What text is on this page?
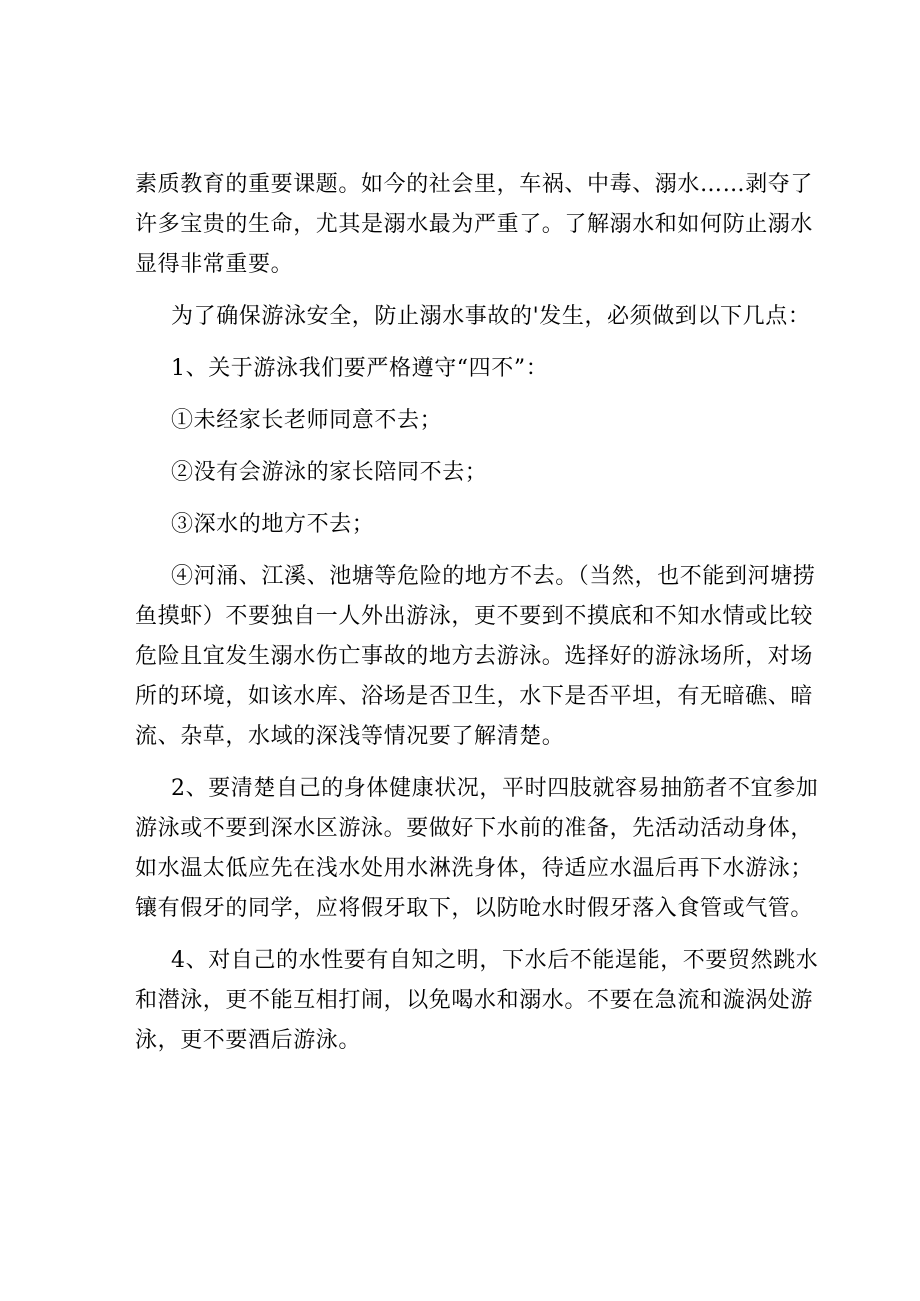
素质教育的重要课题。如今的社会里，车祸、中毒、溺水……剥夺了许多宝贵的生命，尤其是溺水最为严重了。了解溺水和如何防止溺水显得非常重要。

为了确保游泳安全，防止溺水事故的'发生，必须做到以下几点：

1、关于游泳我们要严格遵守“四不”：

①未经家长老师同意不去；

②没有会游泳的家长陪同不去；

③深水的地方不去；

④河涌、江溪、池塘等危险的地方不去。（当然，也不能到河塘捞鱼摸虾）不要独自一人外出游泳，更不要到不摸底和不知水情或比较危险且宜发生溺水伤亡事故的地方去游泳。选择好的游泳场所，对场所的环境，如该水库、浴场是否卫生，水下是否平坦，有无暗礁、暗流、杂草，水域的深浅等情况要了解清楚。

2、要清楚自己的身体健康状况，平时四肢就容易抽筋者不宜参加游泳或不要到深水区游泳。要做好下水前的准备，先活动活动身体，如水温太低应先在浅水处用水淋洗身体，待适应水温后再下水游泳；镶有假牙的同学，应将假牙取下，以防呛水时假牙落入食管或气管。

4、对自己的水性要有自知之明，下水后不能逞能，不要贸然跳水和潜泳，更不能互相打闹，以免喝水和溺水。不要在急流和漩涡处游泳，更不要酒后游泳。
